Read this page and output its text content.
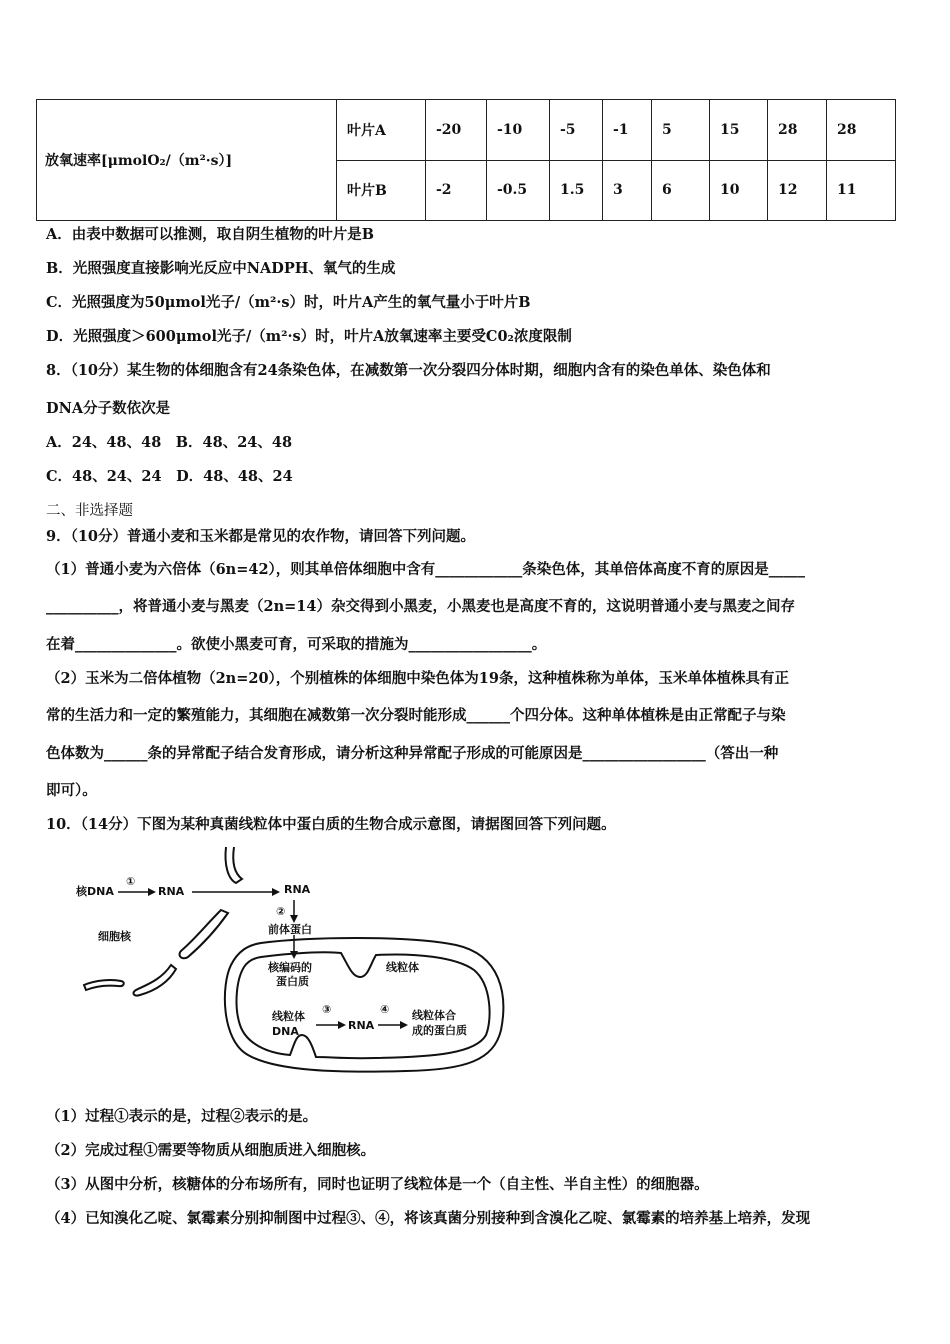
放氧速率[μmolO₂/（m²·s）]	叶片A	-20	-10	-5	-1	5	15	28	28
	叶片B	-2	-0.5	1.5	3	6	10	12	11
A．由表中数据可以推测，取自阴生植物的叶片是B
B．光照强度直接影响光反应中NADPH、氧气的生成
C．光照强度为50μmol光子/（m²·s）时，叶片A产生的氧气量小于叶片B
D．光照强度＞600μmol光子/（m²·s）时，叶片A放氧速率主要受C0₂浓度限制
8．（10分）某生物的体细胞含有24条染色体，在减数第一次分裂四分体时期，细胞内含有的染色单体、染色体和
DNA分子数依次是
A．24、48、48　B．48、24、48
C．48、24、24　D．48、48、24
二、非选择题
9．（10分）普通小麦和玉米都是常见的农作物，请回答下列问题。
（1）普通小麦为六倍体（6n=42），则其单倍体细胞中含有____________条染色体，其单倍体高度不育的原因是_____
__________，将普通小麦与黑麦（2n=14）杂交得到小黑麦，小黑麦也是高度不育的，这说明普通小麦与黑麦之间存
在着______________。欲使小黑麦可育，可采取的措施为_________________。
（2）玉米为二倍体植物（2n=20），个别植株的体细胞中染色体为19条，这种植株称为单体，玉米单体植株具有正
常的生活力和一定的繁殖能力，其细胞在减数第一次分裂时能形成______个四分体。这种单体植株是由正常配子与染
色体数为______条的异常配子结合发育形成，请分析这种异常配子形成的可能原因是_________________（答出一种
即可）。
10．（14分）下图为某种真菌线粒体中蛋白质的生物合成示意图，请据图回答下列问题。
核DNA
①
RNA	RNA
②
前体蛋白
细胞核
核编码的
蛋白质
线粒体
线粒体
DNA
③
RNA
④ 线粒体合
成的蛋白质
（1）过程①表示的是，过程②表示的是。
（2）完成过程①需要等物质从细胞质进入细胞核。
（3）从图中分析，核糖体的分布场所有，同时也证明了线粒体是一个（自主性、半自主性）的细胞器。
（4）已知溴化乙啶、氯霉素分别抑制图中过程③、④，将该真菌分别接种到含溴化乙啶、氯霉素的培养基上培养，发现
